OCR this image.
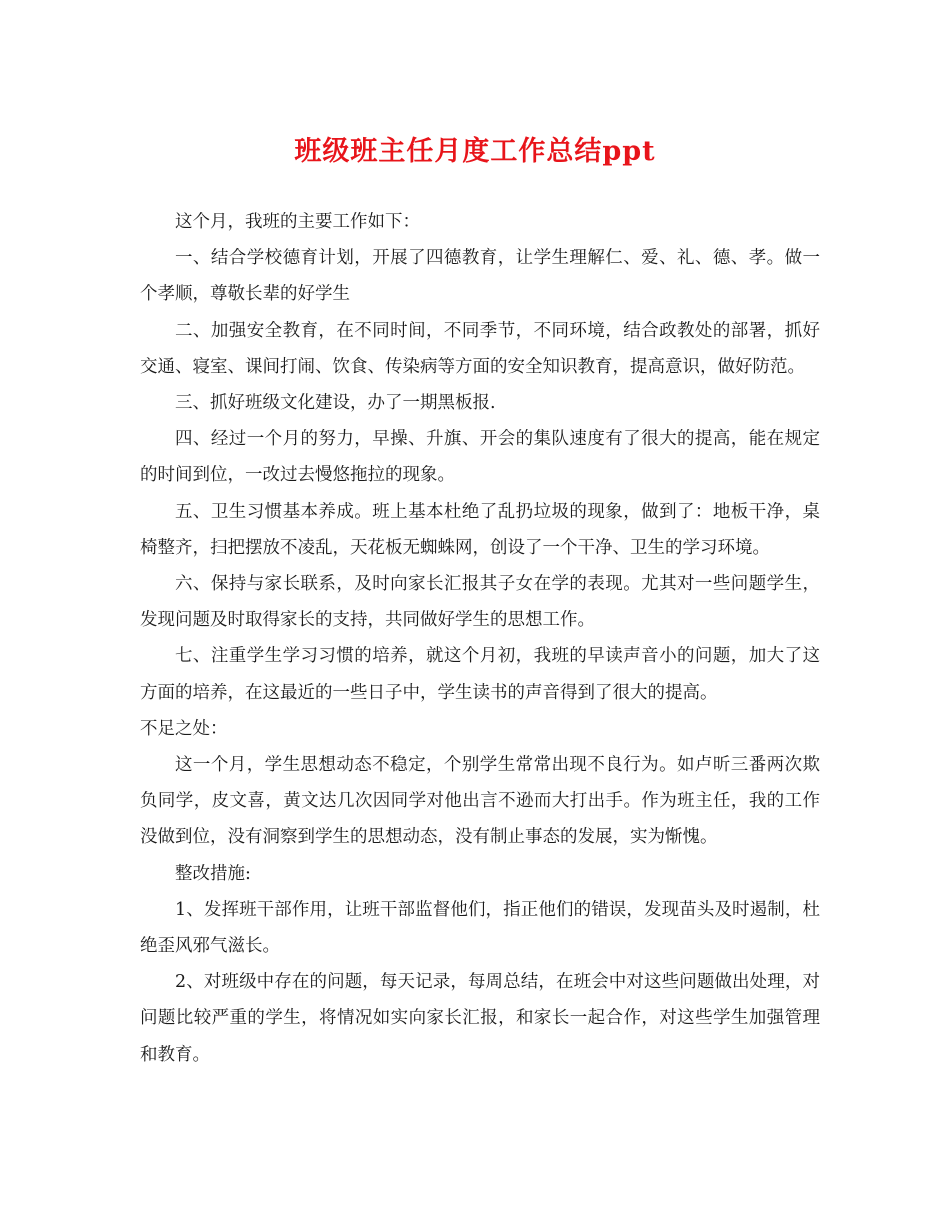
班级班主任月度工作总结ppt

这个月，我班的主要工作如下：

一、结合学校德育计划，开展了四德教育，让学生理解仁、爱、礼、德、孝。做一个孝顺，尊敬长辈的好学生

二、加强安全教育，在不同时间，不同季节，不同环境，结合政教处的部署，抓好交通、寝室、课间打闹、饮食、传染病等方面的安全知识教育，提高意识，做好防范。

三、抓好班级文化建设，办了一期黑板报.

四、经过一个月的努力，早操、升旗、开会的集队速度有了很大的提高，能在规定的时间到位，一改过去慢悠拖拉的现象。

五、卫生习惯基本养成。班上基本杜绝了乱扔垃圾的现象，做到了：地板干净，桌椅整齐，扫把摆放不凌乱，天花板无蜘蛛网，创设了一个干净、卫生的学习环境。

六、保持与家长联系，及时向家长汇报其子女在学的表现。尤其对一些问题学生，发现问题及时取得家长的支持，共同做好学生的思想工作。

七、注重学生学习习惯的培养，就这个月初，我班的早读声音小的问题，加大了这方面的培养，在这最近的一些日子中，学生读书的声音得到了很大的提高。

不足之处：

这一个月，学生思想动态不稳定，个别学生常常出现不良行为。如卢昕三番两次欺负同学，皮文喜，黄文达几次因同学对他出言不逊而大打出手。作为班主任，我的工作没做到位，没有洞察到学生的思想动态，没有制止事态的发展，实为惭愧。

整改措施:

1、发挥班干部作用，让班干部监督他们，指正他们的错误，发现苗头及时遏制，杜绝歪风邪气滋长。

2、对班级中存在的问题，每天记录，每周总结，在班会中对这些问题做出处理，对问题比较严重的学生，将情况如实向家长汇报，和家长一起合作，对这些学生加强管理和教育。
